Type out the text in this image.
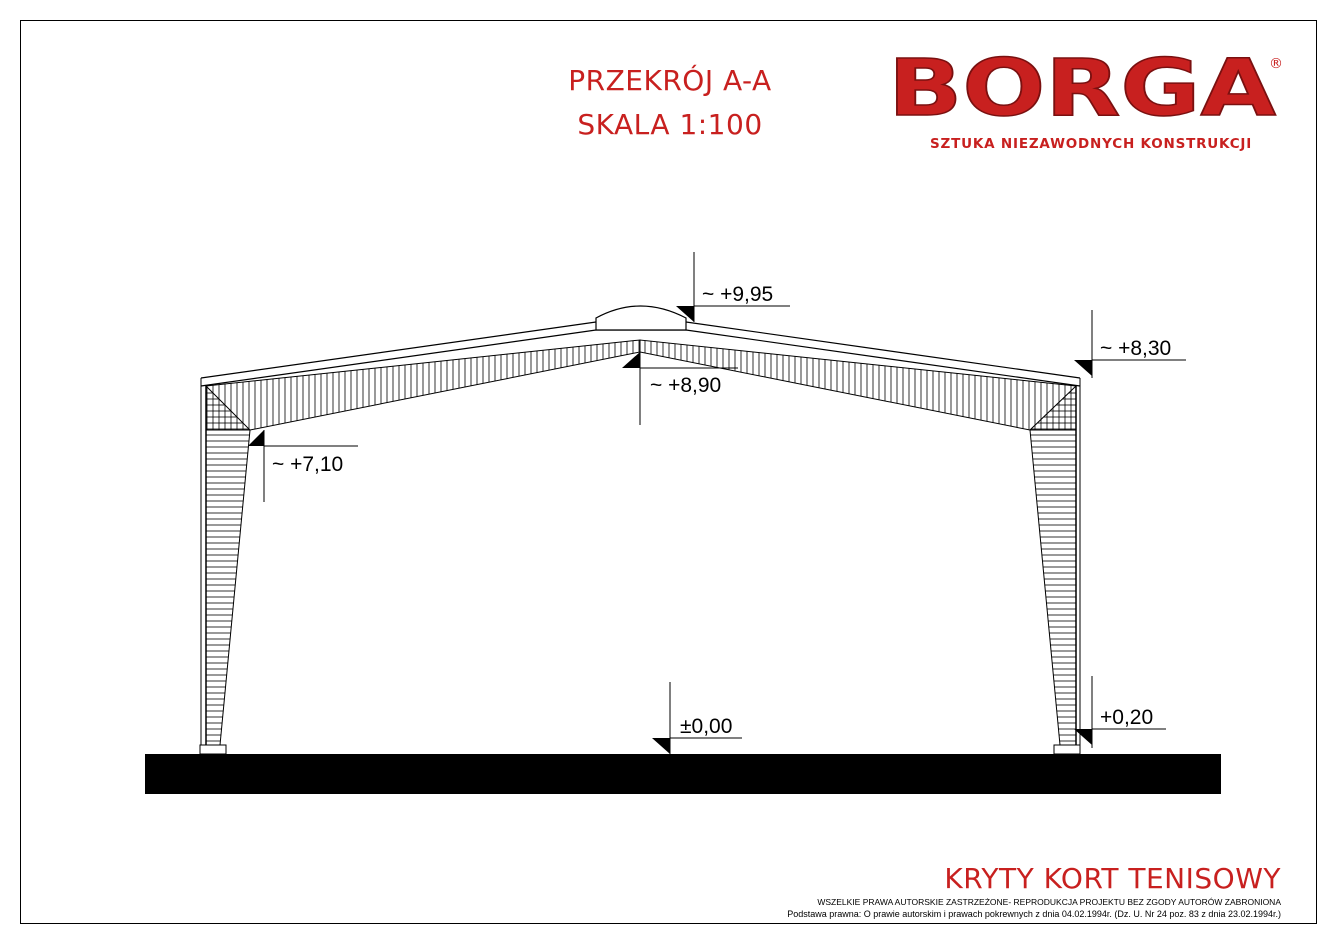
PRZEKRÓJ A-A
SKALA 1:100	BORGA
®
SZTUKA NIEZAWODNYCH KONSTRUKCJI
~ +9,95
~ +8,30
~ +8,90
~ +7,10
±0,00	+0,20
KRYTY KORT TENISOWY
WSZELKIE PRAWA AUTORSKIE ZASTRZEŻONE- REPRODUKCJA PROJEKTU BEZ ZGODY AUTORÓW ZABRONIONA
Podstawa prawna: O prawie autorskim i prawach pokrewnych z dnia 04.02.1994r. (Dz. U. Nr 24 poz. 83 z dnia 23.02.1994r.)
